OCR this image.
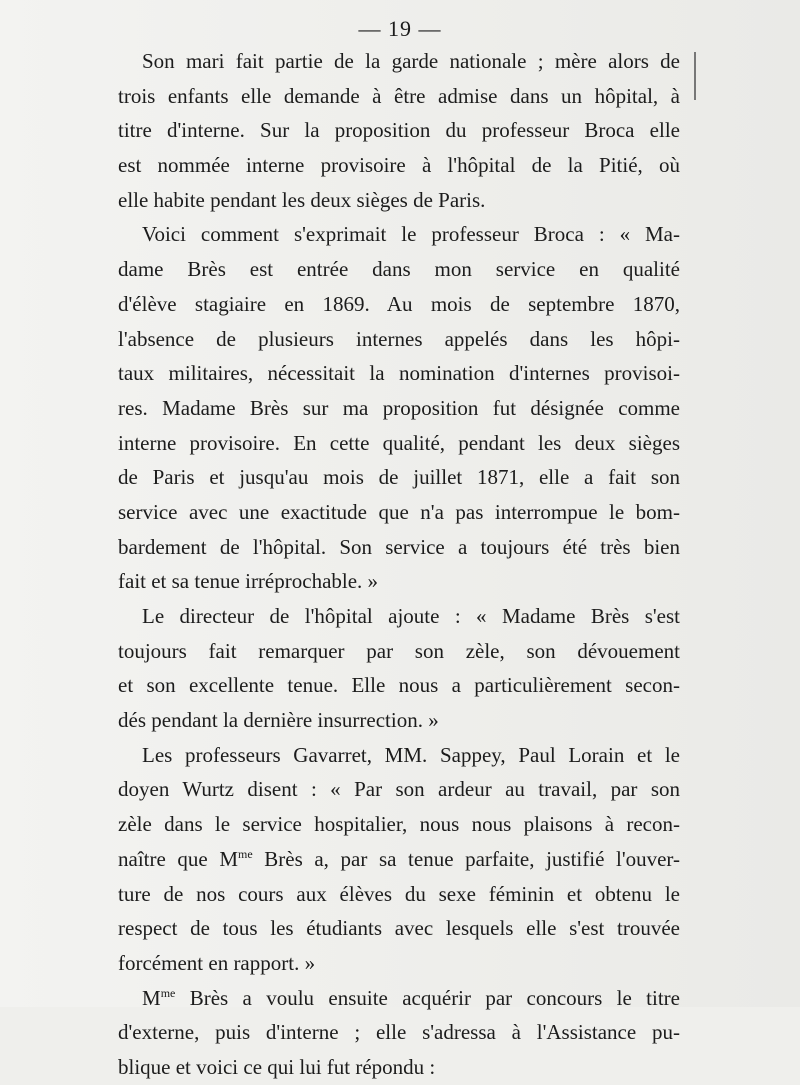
— 19 —
Son mari fait partie de la garde nationale ; mère alors de
trois enfants elle demande à être admise dans un hôpital, à
titre d'interne. Sur la proposition du professeur Broca elle
est nommée interne provisoire à l'hôpital de la Pitié, où
elle habite pendant les deux sièges de Paris.
Voici comment s'exprimait le professeur Broca : « Ma-
dame Brès est entrée dans mon service en qualité
d'élève stagiaire en 1869. Au mois de septembre 1870,
l'absence de plusieurs internes appelés dans les hôpi-
taux militaires, nécessitait la nomination d'internes provisoi-
res. Madame Brès sur ma proposition fut désignée comme
interne provisoire. En cette qualité, pendant les deux sièges
de Paris et jusqu'au mois de juillet 1871, elle a fait son
service avec une exactitude que n'a pas interrompue le bom-
bardement de l'hôpital. Son service a toujours été très bien
fait et sa tenue irréprochable. »
Le directeur de l'hôpital ajoute : « Madame Brès s'est
toujours fait remarquer par son zèle, son dévouement
et son excellente tenue. Elle nous a particulièrement secon-
dés pendant la dernière insurrection. »
Les professeurs Gavarret, MM. Sappey, Paul Lorain et le
doyen Wurtz disent : « Par son ardeur au travail, par son
zèle dans le service hospitalier, nous nous plaisons à recon-
naître que $M^{me}$ Brès a, par sa tenue parfaite, justifié l'ouver-
ture de nos cours aux élèves du sexe féminin et obtenu le
respect de tous les étudiants avec lesquels elle s'est trouvée
forcément en rapport. »
$M^{me}$ Brès a voulu ensuite acquérir par concours le titre
d'externe, puis d'interne ; elle s'adressa à l'Assistance pu-
blique et voici ce qui lui fut répondu :
